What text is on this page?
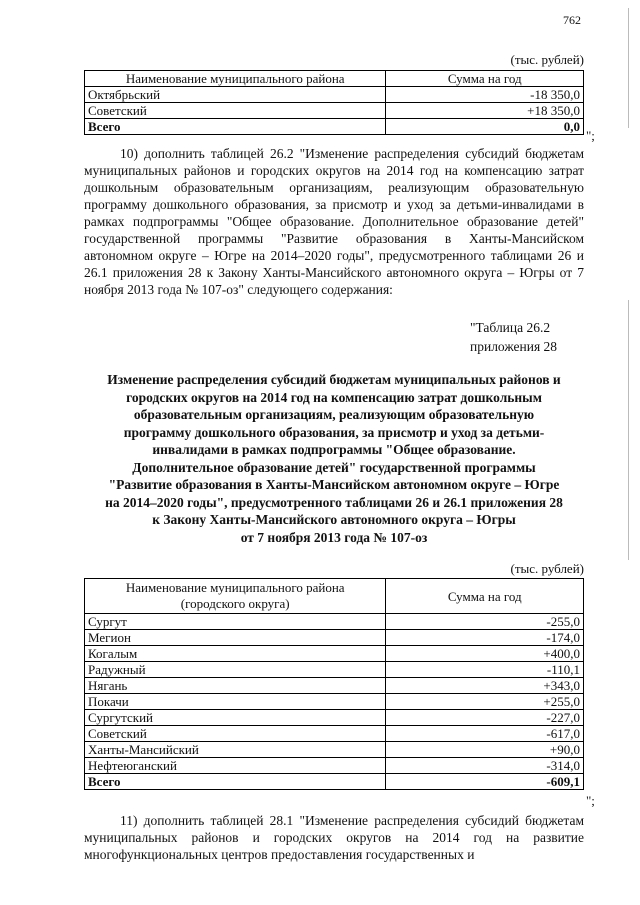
762
(тыс. рублей)
Наименование муниципального района	Сумма на год
Октябрьский	-18 350,0
Советский	+18 350,0
Всего	0,0
";
10) дополнить таблицей 26.2 "Изменение распределения субсидий бюджетам муниципальных районов и городских округов на 2014 год на компенсацию затрат дошкольным образовательным организациям, реализующим образовательную программу дошкольного образования, за присмотр и уход за детьми-инвалидами в рамках подпрограммы "Общее образование. Дополнительное образование детей" государственной программы "Развитие образования в Ханты-Мансийском автономном округе – Югре на 2014–2020 годы", предусмотренного таблицами 26 и 26.1 приложения 28 к Закону Ханты-Мансийского автономного округа – Югры от 7 ноября 2013 года № 107-оз" следующего содержания:
"Таблица 26.2
приложения 28
Изменение распределения субсидий бюджетам муниципальных районов и
городских округов на 2014 год на компенсацию затрат дошкольным
образовательным организациям, реализующим образовательную
программу дошкольного образования, за присмотр и уход за детьми-
инвалидами в рамках подпрограммы "Общее образование.
Дополнительное образование детей" государственной программы
"Развитие образования в Ханты-Мансийском автономном округе – Югре
на 2014–2020 годы", предусмотренного таблицами 26 и 26.1 приложения 28
к Закону Ханты-Мансийского автономного округа – Югры
от 7 ноября 2013 года № 107-оз
(тыс. рублей)
Наименование муниципального района
(городского округа)	Сумма на год
Сургут	-255,0
Мегион	-174,0
Когалым	+400,0
Радужный	-110,1
Нягань	+343,0
Покачи	+255,0
Сургутский	-227,0
Советский	-617,0
Ханты-Мансийский	+90,0
Нефтеюганский	-314,0
Всего	-609,1
";
11) дополнить таблицей 28.1 "Изменение распределения субсидий бюджетам муниципальных районов и городских округов на 2014 год на развитие многофункциональных центров предоставления государственных и
